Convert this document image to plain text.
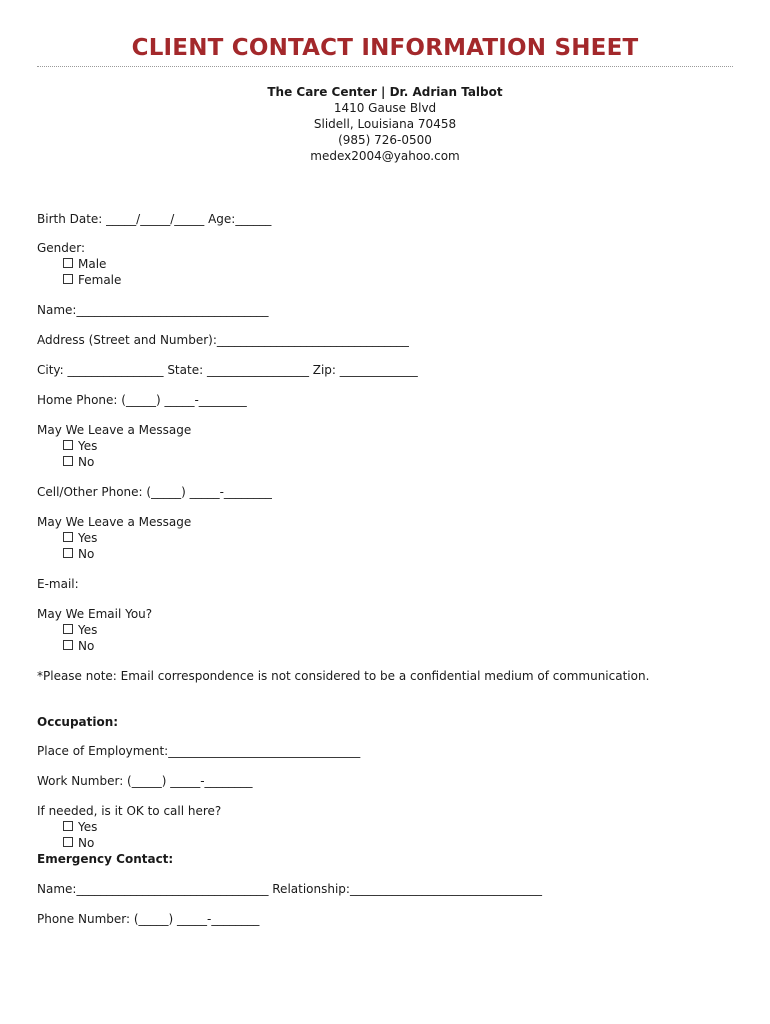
CLIENT CONTACT INFORMATION SHEET
The Care Center | Dr. Adrian Talbot
1410 Gause Blvd
Slidell, Louisiana 70458
(985) 726-0500
medex2004@yahoo.com
Birth Date: _____/_____/_____ Age:______
Gender:
Male
Female
Name:________________________________
Address (Street and Number):________________________________
City: ________________ State: _________________ Zip: _____________
Home Phone: (_____) _____-________
May We Leave a Message
Yes
No
Cell/Other Phone: (_____) _____-________
May We Leave a Message
Yes
No
E-mail:
May We Email You?
Yes
No
*Please note: Email correspondence is not considered to be a confidential medium of communication.
Occupation:
Place of Employment:________________________________
Work Number: (_____) _____-________
If needed, is it OK to call here?
Yes
No
Emergency Contact:
Name:________________________________ Relationship:________________________________
Phone Number: (_____) _____-________
